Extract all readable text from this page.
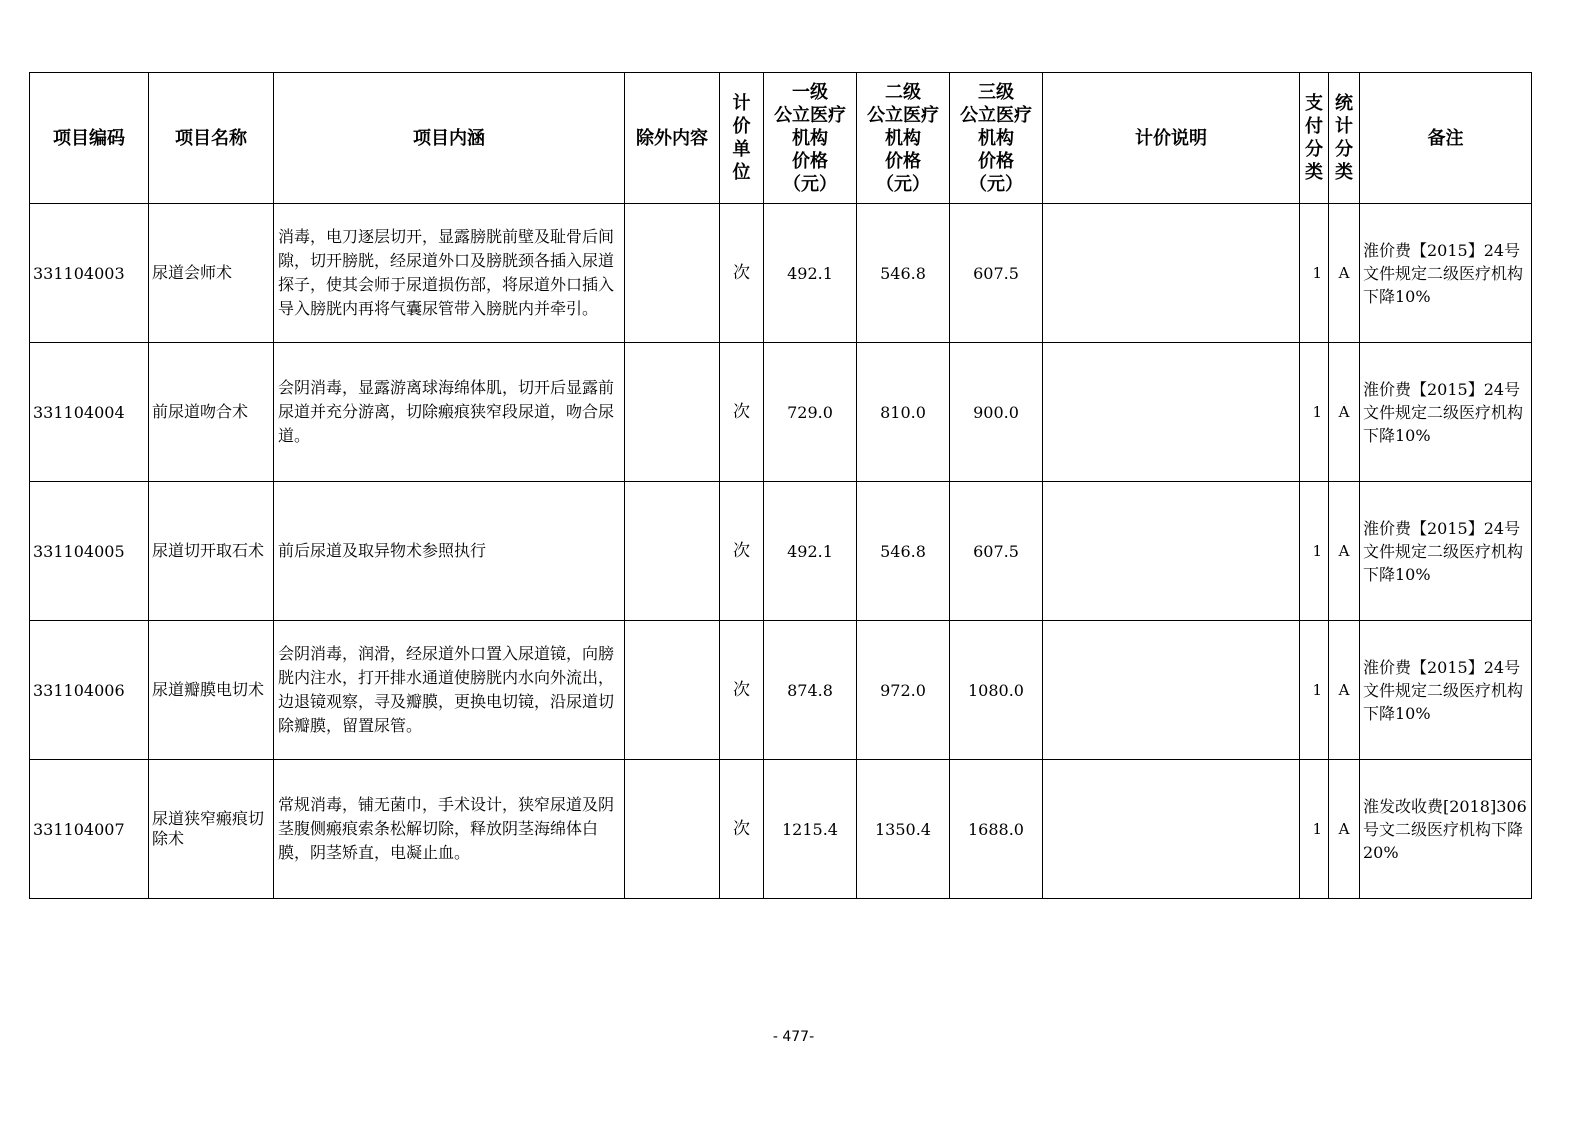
项目编码	项目名称	项目内涵	除外内容	计
价
单
位	一级
公立医疗
机构
价格
（元）	二级
公立医疗
机构
价格
（元）	三级
公立医疗
机构
价格
（元）	计价说明	支
付
分
类	统
计
分
类	备注
331104003	尿道会师术	消毒，电刀逐层切开，显露膀胱前壁及耻骨后间隙，切开膀胱，经尿道外口及膀胱颈各插入尿道探子，使其会师于尿道损伤部，将尿道外口插入导入膀胱内再将气囊尿管带入膀胱内并牵引。		次	492.1	546.8	607.5		1	A	淮价费【2015】24号文件规定二级医疗机构下降10%
331104004	前尿道吻合术	会阴消毒，显露游离球海绵体肌，切开后显露前尿道并充分游离，切除瘢痕狭窄段尿道，吻合尿道。		次	729.0	810.0	900.0		1	A	淮价费【2015】24号文件规定二级医疗机构下降10%
331104005	尿道切开取石术	前后尿道及取异物术参照执行		次	492.1	546.8	607.5		1	A	淮价费【2015】24号文件规定二级医疗机构下降10%
331104006	尿道瓣膜电切术	会阴消毒，润滑，经尿道外口置入尿道镜，向膀胱内注水，打开排水通道使膀胱内水向外流出，边退镜观察，寻及瓣膜，更换电切镜，沿尿道切除瓣膜，留置尿管。		次	874.8	972.0	1080.0		1	A	淮价费【2015】24号文件规定二级医疗机构下降10%
331104007	尿道狭窄瘢痕切除术	常规消毒，铺无菌巾，手术设计，狭窄尿道及阴茎腹侧瘢痕索条松解切除，释放阴茎海绵体白膜，阴茎矫直，电凝止血。		次	1215.4	1350.4	1688.0		1	A	淮发改收费[2018]306号文二级医疗机构下降20%
- 477-
